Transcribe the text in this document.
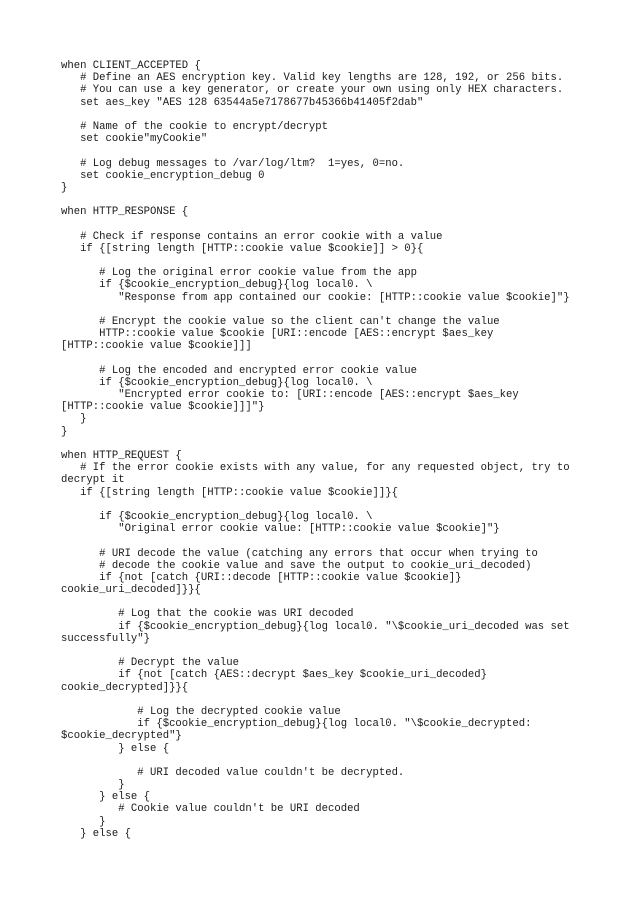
when CLIENT_ACCEPTED {
# Define an AES encryption key. Valid key lengths are 128, 192, or 256 bits.
# You can use a key generator, or create your own using only HEX characters.
set aes_key "AES 128 63544a5e7178677b45366b41405f2dab"
# Name of the cookie to encrypt/decrypt
set cookie"myCookie"
# Log debug messages to /var/log/ltm?  1=yes, 0=no.
set cookie_encryption_debug 0
}
when HTTP_RESPONSE {
# Check if response contains an error cookie with a value
if {[string length [HTTP::cookie value $cookie]] > 0}{
# Log the original error cookie value from the app
if {$cookie_encryption_debug}{log local0. \
"Response from app contained our cookie: [HTTP::cookie value $cookie]"}
# Encrypt the cookie value so the client can't change the value
HTTP::cookie value $cookie [URI::encode [AES::encrypt $aes_key
[HTTP::cookie value $cookie]]]
# Log the encoded and encrypted error cookie value
if {$cookie_encryption_debug}{log local0. \
"Encrypted error cookie to: [URI::encode [AES::encrypt $aes_key
[HTTP::cookie value $cookie]]]"}
}
}
when HTTP_REQUEST {
# If the error cookie exists with any value, for any requested object, try to
decrypt it
if {[string length [HTTP::cookie value $cookie]]}{
if {$cookie_encryption_debug}{log local0. \
"Original error cookie value: [HTTP::cookie value $cookie]"}
# URI decode the value (catching any errors that occur when trying to
# decode the cookie value and save the output to cookie_uri_decoded)
if {not [catch {URI::decode [HTTP::cookie value $cookie]}
cookie_uri_decoded]}}{
# Log that the cookie was URI decoded
if {$cookie_encryption_debug}{log local0. "\$cookie_uri_decoded was set
successfully"}
# Decrypt the value
if {not [catch {AES::decrypt $aes_key $cookie_uri_decoded}
cookie_decrypted]}}{
# Log the decrypted cookie value
if {$cookie_encryption_debug}{log local0. "\$cookie_decrypted:
$cookie_decrypted"}
} else {
# URI decoded value couldn't be decrypted.
}
} else {
# Cookie value couldn't be URI decoded
}
} else {
